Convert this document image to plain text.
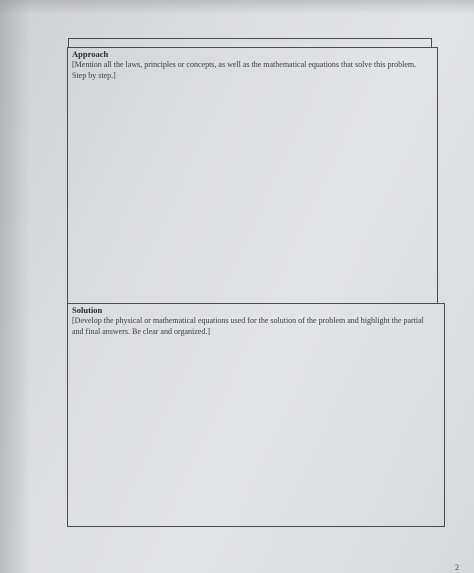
Approach
[Mention all the laws, principles or concepts, as well as the mathematical equations that solve this problem. Step by step.]
Solution
[Develop the physical or mathematical equations used for the solution of the problem and highlight the partial and final answers. Be clear and organized.]
2
